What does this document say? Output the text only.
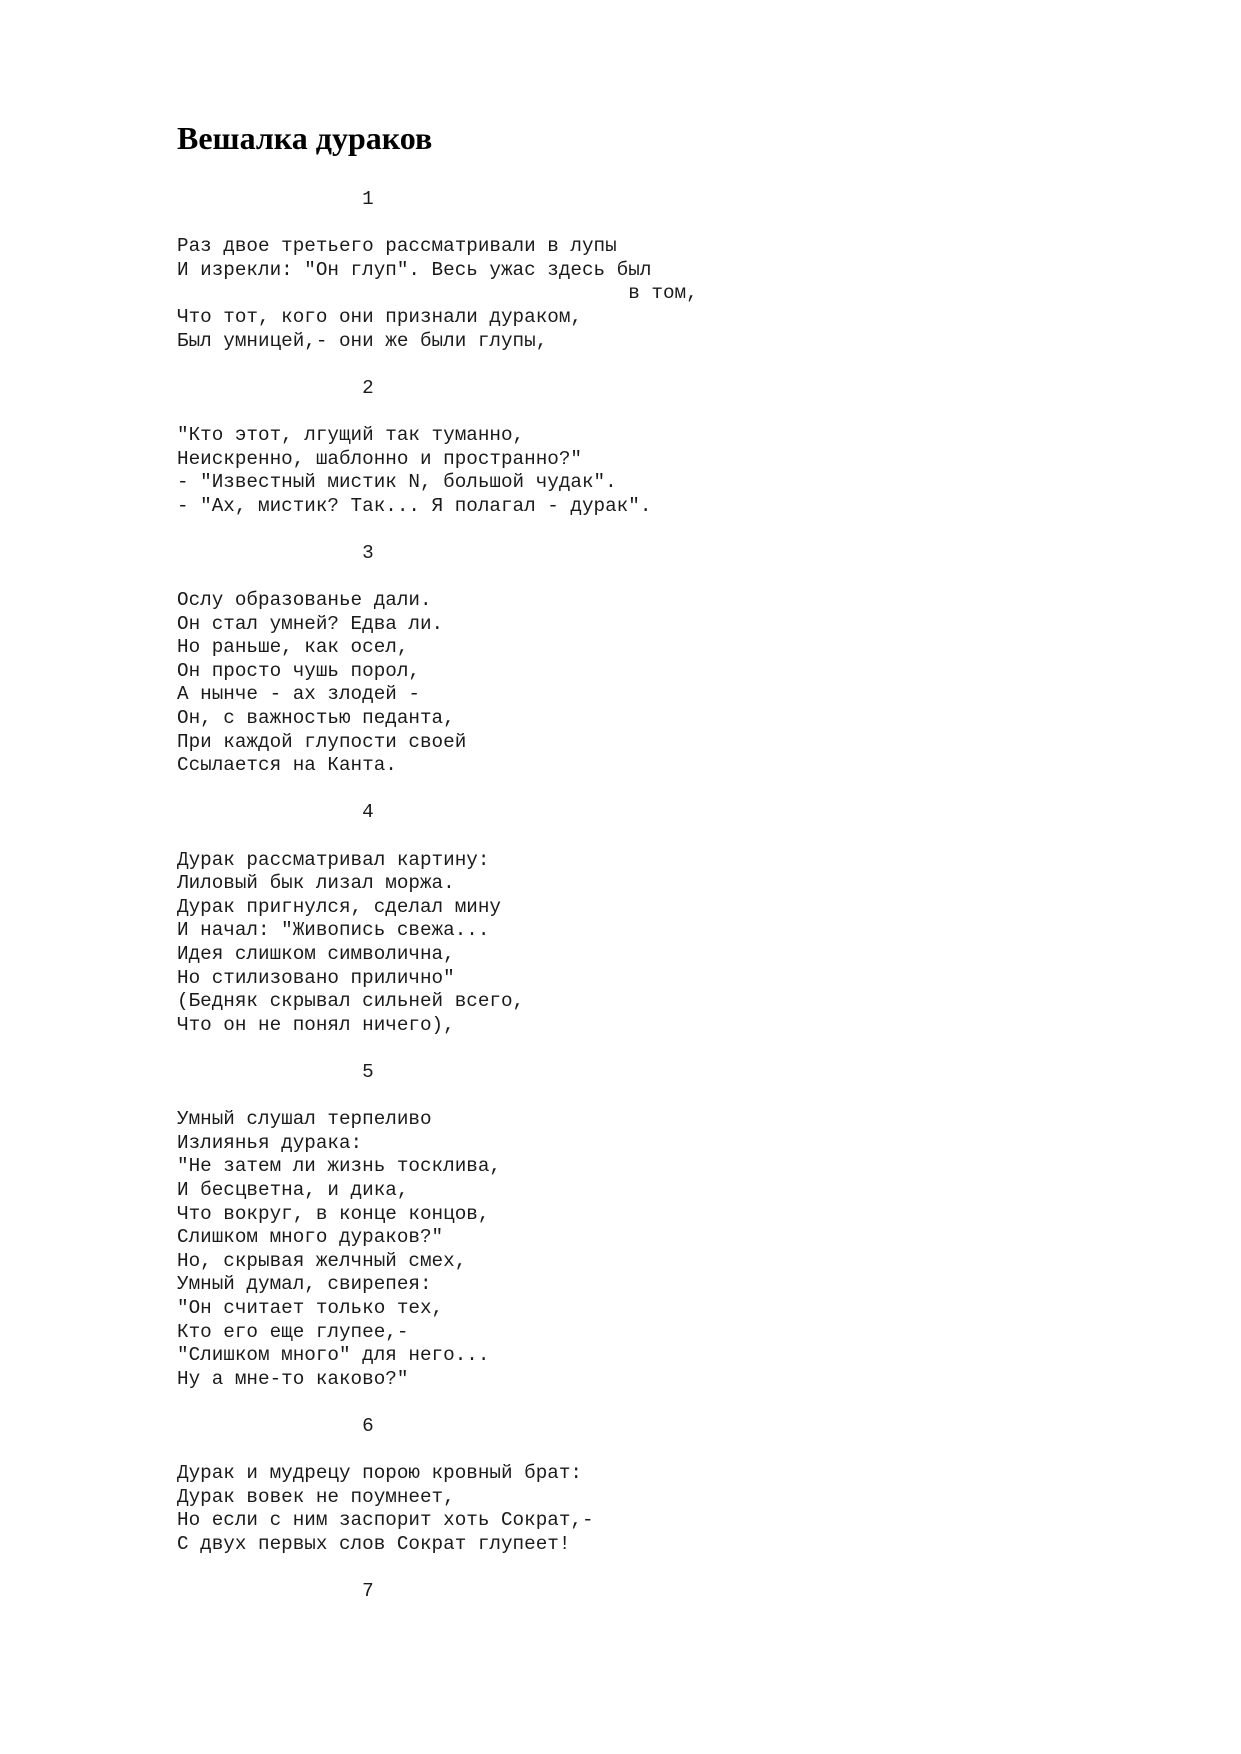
Вешалка дураков
1
Раз двое третьего рассматривали в лупы
И изрекли: "Он глуп". Весь ужас здесь был
в том,
Что тот, кого они признали дураком,
Был умницей,- они же были глупы,
2
"Кто этот, лгущий так туманно,
Неискренно, шаблонно и пространно?"
- "Известный мистик N, большой чудак".
- "Ах, мистик? Так... Я полагал - дурак".
3
Ослу образованье дали.
Он стал умней? Едва ли.
Но раньше, как осел,
Он просто чушь порол,
А нынче - ах злодей -
Он, с важностью педанта,
При каждой глупости своей
Ссылается на Канта.
4
Дурак рассматривал картину:
Лиловый бык лизал моржа.
Дурак пригнулся, сделал мину
И начал: "Живопись свежа...
Идея слишком символична,
Но стилизовано прилично"
(Бедняк скрывал сильней всего,
Что он не понял ничего),
5
Умный слушал терпеливо
Излиянья дурака:
"Не затем ли жизнь тосклива,
И бесцветна, и дика,
Что вокруг, в конце концов,
Слишком много дураков?"
Но, скрывая желчный смех,
Умный думал, свирепея:
"Он считает только тех,
Кто его еще глупее,-
"Слишком много" для него...
Ну а мне-то каково?"
6
Дурак и мудрецу порою кровный брат:
Дурак вовек не поумнеет,
Но если с ним заспорит хоть Сократ,-
С двух первых слов Сократ глупеет!
7
